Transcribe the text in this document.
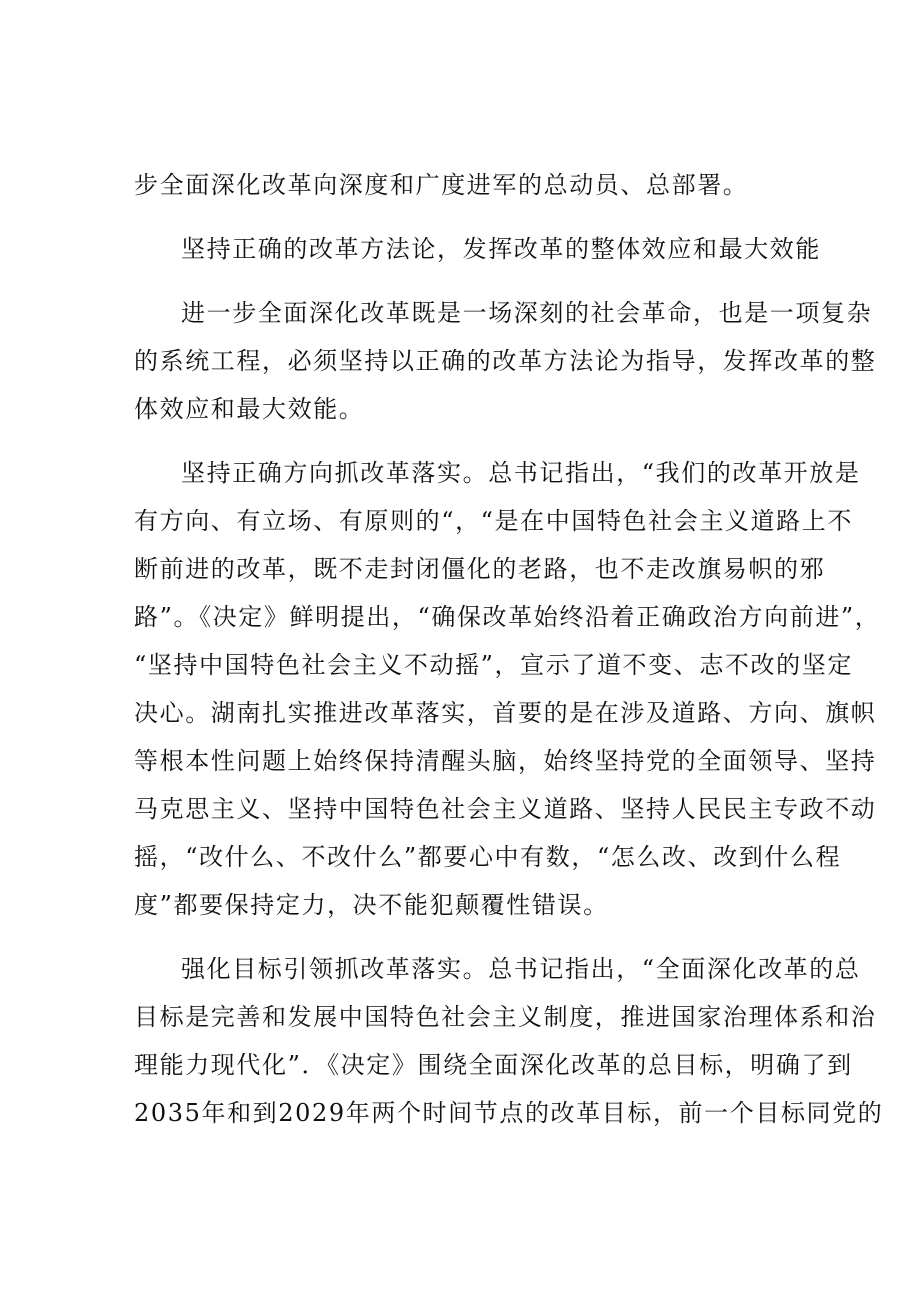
步全面深化改革向深度和广度进军的总动员、总部署。
坚持正确的改革方法论，发挥改革的整体效应和最大效能
进一步全面深化改革既是一场深刻的社会革命，也是一项复杂
的系统工程，必须坚持以正确的改革方法论为指导，发挥改革的整
体效应和最大效能。
坚持正确方向抓改革落实。总书记指出，“我们的改革开放是
有方向、有立场、有原则的“，“是在中国特色社会主义道路上不
断前进的改革，既不走封闭僵化的老路，也不走改旗易帜的邪
路”。《决定》鲜明提出，“确保改革始终沿着正确政治方向前进”，
“坚持中国特色社会主义不动摇”，宣示了道不变、志不改的坚定
决心。湖南扎实推进改革落实，首要的是在涉及道路、方向、旗帜
等根本性问题上始终保持清醒头脑，始终坚持党的全面领导、坚持
马克思主义、坚持中国特色社会主义道路、坚持人民民主专政不动
摇，“改什么、不改什么”都要心中有数，“怎么改、改到什么程
度”都要保持定力，决不能犯颠覆性错误。
强化目标引领抓改革落实。总书记指出，“全面深化改革的总
目标是完善和发展中国特色社会主义制度，推进国家治理体系和治
理能力现代化”．《决定》围绕全面深化改革的总目标，明确了到
2035年和到2029年两个时间节点的改革目标，前一个目标同党的
